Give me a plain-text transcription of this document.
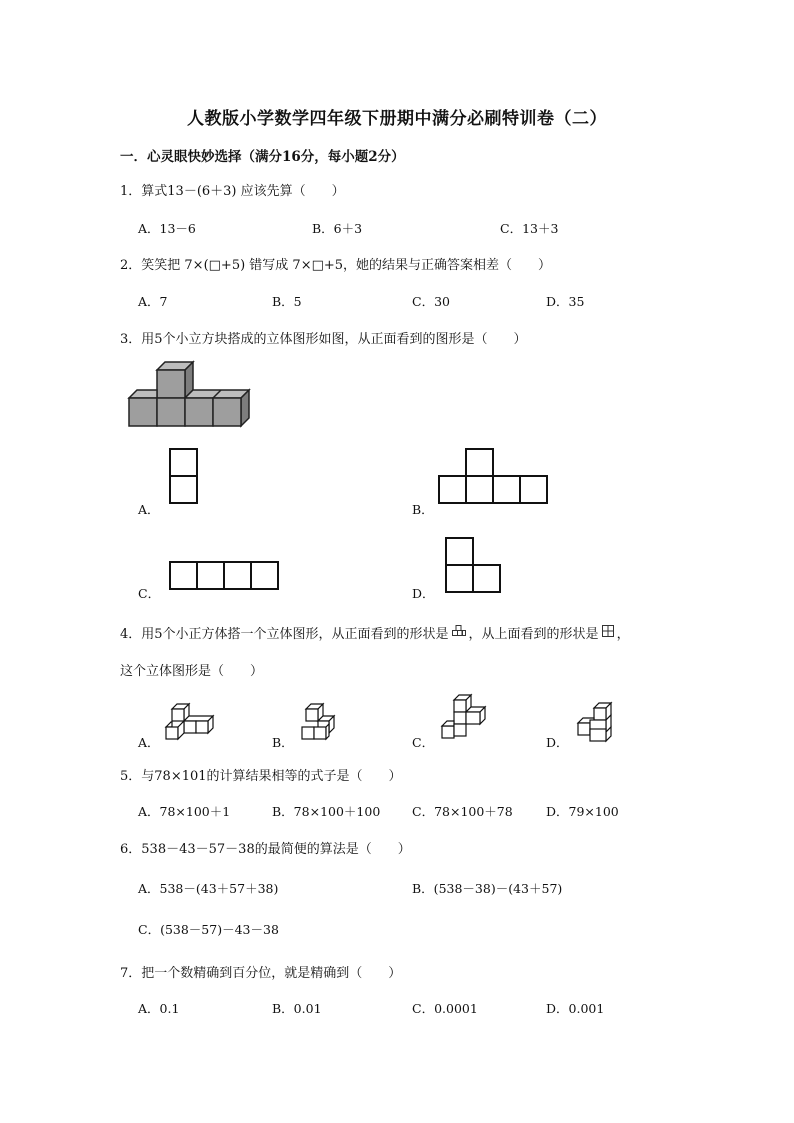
人教版小学数学四年级下册期中满分必刷特训卷（二）
一．心灵眼快妙选择（满分16分，每小题2分）
1．算式13－(6＋3) 应该先算（　　）
A．13－6	B．6＋3	C．13＋3
2．笑笑把 7×(□+5) 错写成 7×□+5，她的结果与正确答案相差（　　）
A．7	B．5	C．30	D．35
3．用5个小立方块搭成的立体图形如图，从正面看到的图形是（　　）
A．	B．
C．	D．
4．用5个小正方体搭一个立体图形，从正面看到的形状是 ，从上面看到的形状是 ，
这个立体图形是（　　）
A．	B．	C．	D．
5．与78×101的计算结果相等的式子是（　　）
A．78×100＋1	B．78×100＋100	C．78×100＋78	D．79×100
6．538－43－57－38的最简便的算法是（　　）
A．538－(43＋57＋38)	B．(538－38)－(43＋57)
C．(538－57)－43－38
7．把一个数精确到百分位，就是精确到（　　）
A．0.1	B．0.01	C．0.0001	D．0.001
